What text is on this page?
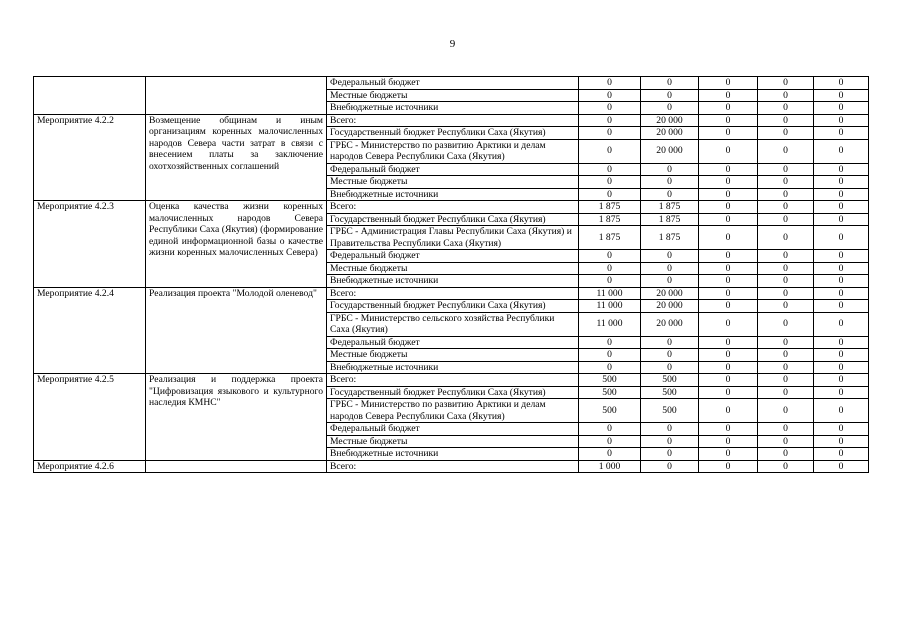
9
		Федеральный бюджет	0	0	0	0	0
		Местные бюджеты	0	0	0	0	0
		Внебюджетные источники	0	0	0	0	0
Мероприятие 4.2.2	Возмещение общинам и иным организациям коренных малочисленных народов Севера части затрат в связи с внесением платы за заключение охотхозяйственных соглашений	Всего:	0	20 000	0	0	0
		Государственный бюджет Республики Саха (Якутия)	0	20 000	0	0	0
		ГРБС - Министерство по развитию Арктики и делам народов Севера Республики Саха (Якутия)	0	20 000	0	0	0
		Федеральный бюджет	0	0	0	0	0
		Местные бюджеты	0	0	0	0	0
		Внебюджетные источники	0	0	0	0	0
Мероприятие 4.2.3	Оценка качества жизни коренных малочисленных народов Севера Республики Саха (Якутия) (формирование единой информационной базы о качестве жизни коренных малочисленных Севера)	Всего:	1 875	1 875	0	0	0
		Государственный бюджет Республики Саха (Якутия)	1 875	1 875	0	0	0
		ГРБС - Администрация Главы Республики Саха (Якутия) и Правительства Республики Саха (Якутия)	1 875	1 875	0	0	0
		Федеральный бюджет	0	0	0	0	0
		Местные бюджеты	0	0	0	0	0
		Внебюджетные источники	0	0	0	0	0
Мероприятие 4.2.4	Реализация проекта "Молодой оленевод"	Всего:	11 000	20 000	0	0	0
		Государственный бюджет Республики Саха (Якутия)	11 000	20 000	0	0	0
		ГРБС - Министерство сельского хозяйства Республики Саха (Якутия)	11 000	20 000	0	0	0
		Федеральный бюджет	0	0	0	0	0
		Местные бюджеты	0	0	0	0	0
		Внебюджетные источники	0	0	0	0	0
Мероприятие 4.2.5	Реализация и поддержка проекта "Цифровизация языкового и культурного наследия КМНС"	Всего:	500	500	0	0	0
		Государственный бюджет Республики Саха (Якутия)	500	500	0	0	0
		ГРБС - Министерство по развитию Арктики и делам народов Севера Республики Саха (Якутия)	500	500	0	0	0
		Федеральный бюджет	0	0	0	0	0
		Местные бюджеты	0	0	0	0	0
		Внебюджетные источники	0	0	0	0	0
Мероприятие 4.2.6		Всего:	1 000	0	0	0	0
